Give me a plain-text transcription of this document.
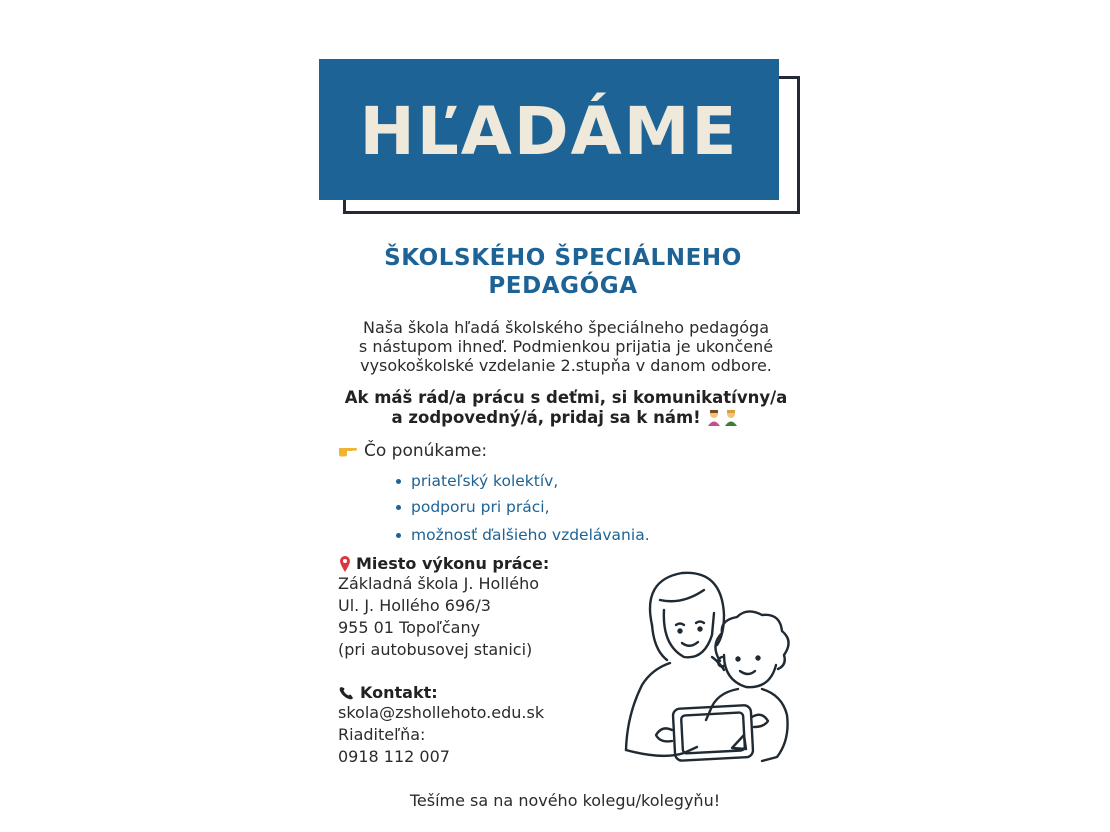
HĽADÁME
ŠKOLSKÉHO ŠPECIÁLNEHO
PEDAGÓGA
Naša škola hľadá školského špeciálneho pedagóga
s nástupom ihneď. Podmienkou prijatia je ukončené
vysokoškolské vzdelanie 2.stupňa v danom odbore.
Ak máš rád/a prácu s deťmi, si komunikatívny/a
a zodpovedný/á, pridaj sa k nám!
Čo ponúkame:
priateľský kolektív,
podporu pri práci,
možnosť ďalšieho vzdelávania.
Miesto výkonu práce:
Základná škola J. Hollého
Ul. J. Hollého 696/3
955 01 Topoľčany
(pri autobusovej stanici)
Kontakt:
skola@zshollehoto.edu.sk
Riaditeľňa:
0918 112 007
Tešíme sa na nového kolegu/kolegyňu!
